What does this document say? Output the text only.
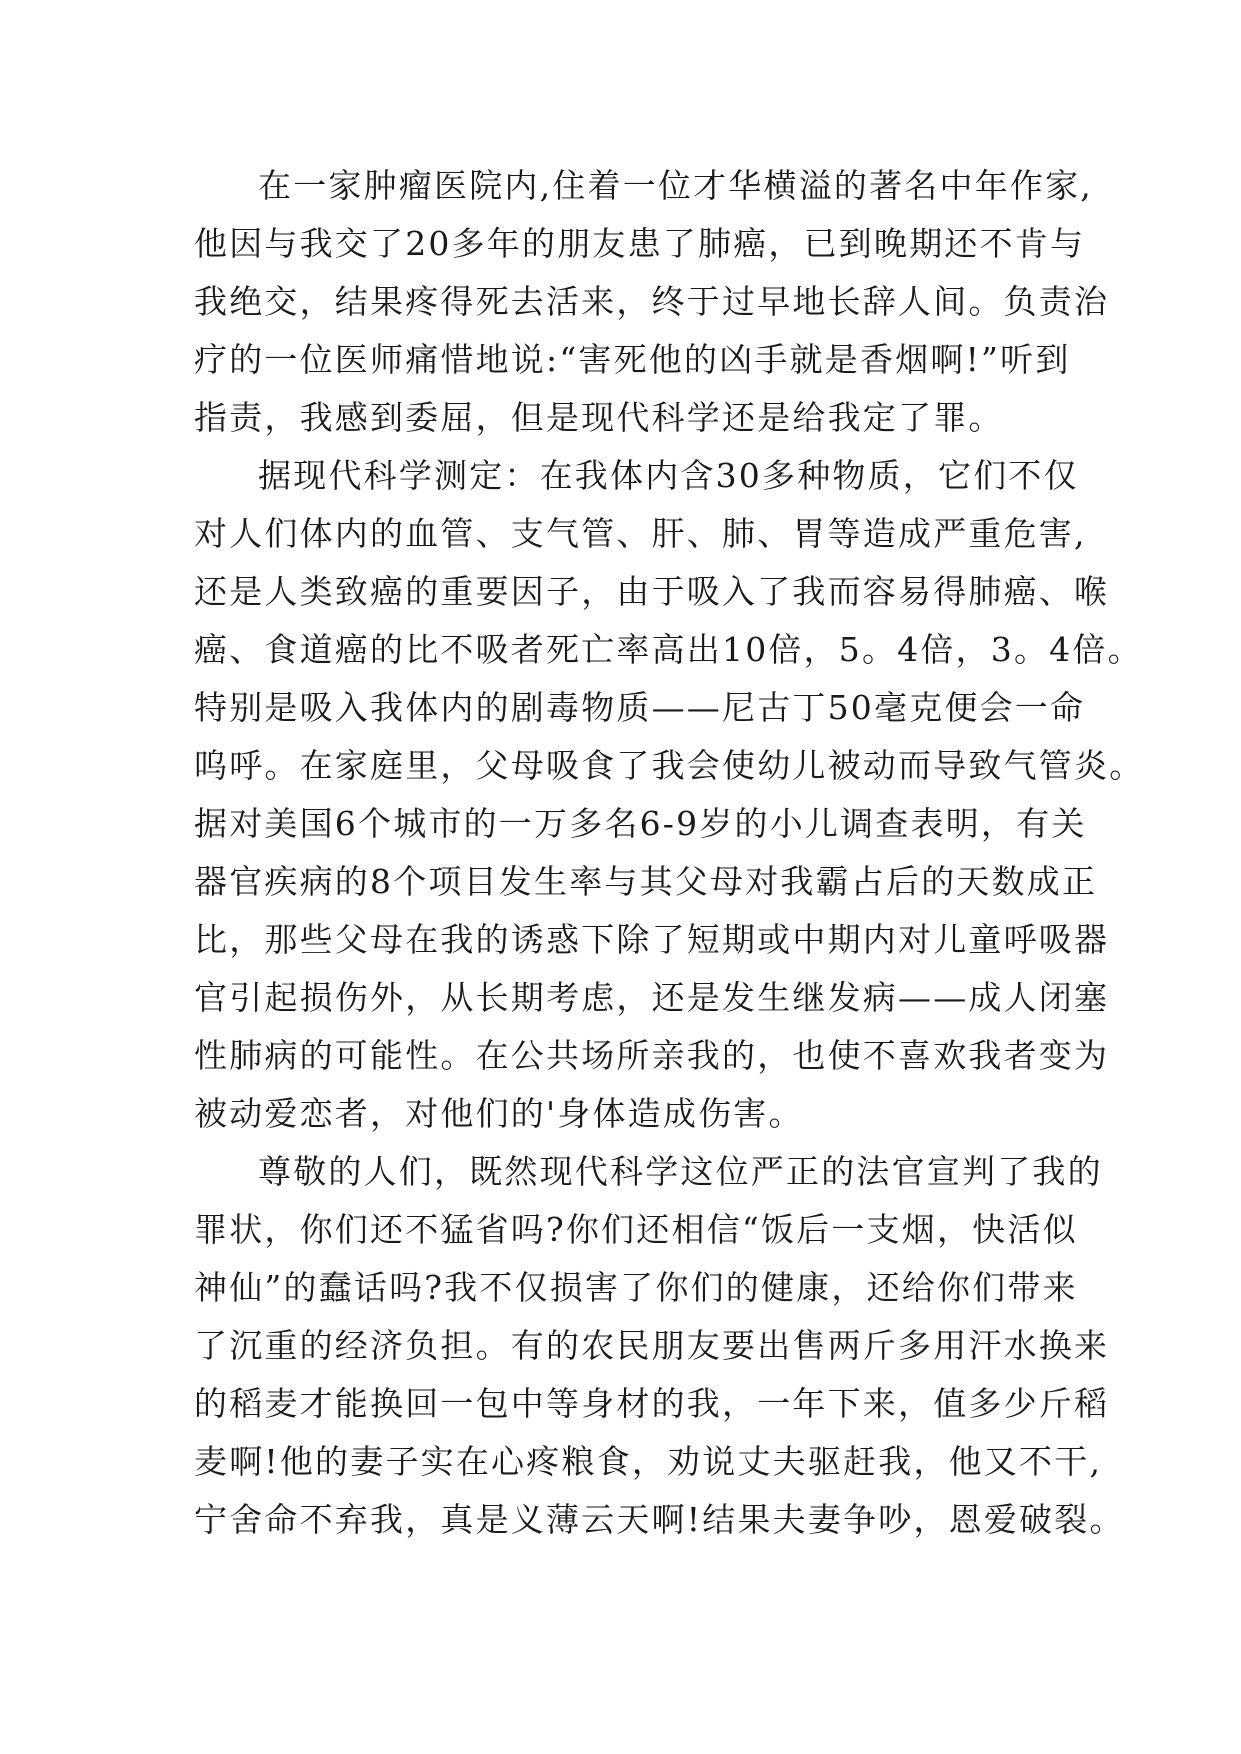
在一家肿瘤医院内,住着一位才华横溢的著名中年作家,

他因与我交了20多年的朋友患了肺癌，已到晚期还不肯与

我绝交，结果疼得死去活来，终于过早地长辞人间。负责治

疗的一位医师痛惜地说:“害死他的凶手就是香烟啊!”听到

指责，我感到委屈，但是现代科学还是给我定了罪。

据现代科学测定：在我体内含30多种物质，它们不仅

对人们体内的血管、支气管、肝、肺、胃等造成严重危害,

还是人类致癌的重要因子，由于吸入了我而容易得肺癌、喉

癌、食道癌的比不吸者死亡率高出10倍，5。4倍，3。4倍。

特别是吸入我体内的剧毒物质——尼古丁50毫克便会一命

呜呼。在家庭里，父母吸食了我会使幼儿被动而导致气管炎。

据对美国6个城市的一万多名6-9岁的小儿调查表明，有关

器官疾病的8个项目发生率与其父母对我霸占后的天数成正

比，那些父母在我的诱惑下除了短期或中期内对儿童呼吸器

官引起损伤外，从长期考虑，还是发生继发病——成人闭塞

性肺病的可能性。在公共场所亲我的，也使不喜欢我者变为

被动爱恋者，对他们的'身体造成伤害。

尊敬的人们，既然现代科学这位严正的法官宣判了我的

罪状，你们还不猛省吗?你们还相信“饭后一支烟，快活似

神仙”的蠢话吗?我不仅损害了你们的健康，还给你们带来

了沉重的经济负担。有的农民朋友要出售两斤多用汗水换来

的稻麦才能换回一包中等身材的我，一年下来，值多少斤稻

麦啊!他的妻子实在心疼粮食，劝说丈夫驱赶我，他又不干,

宁舍命不弃我，真是义薄云天啊!结果夫妻争吵，恩爱破裂。
